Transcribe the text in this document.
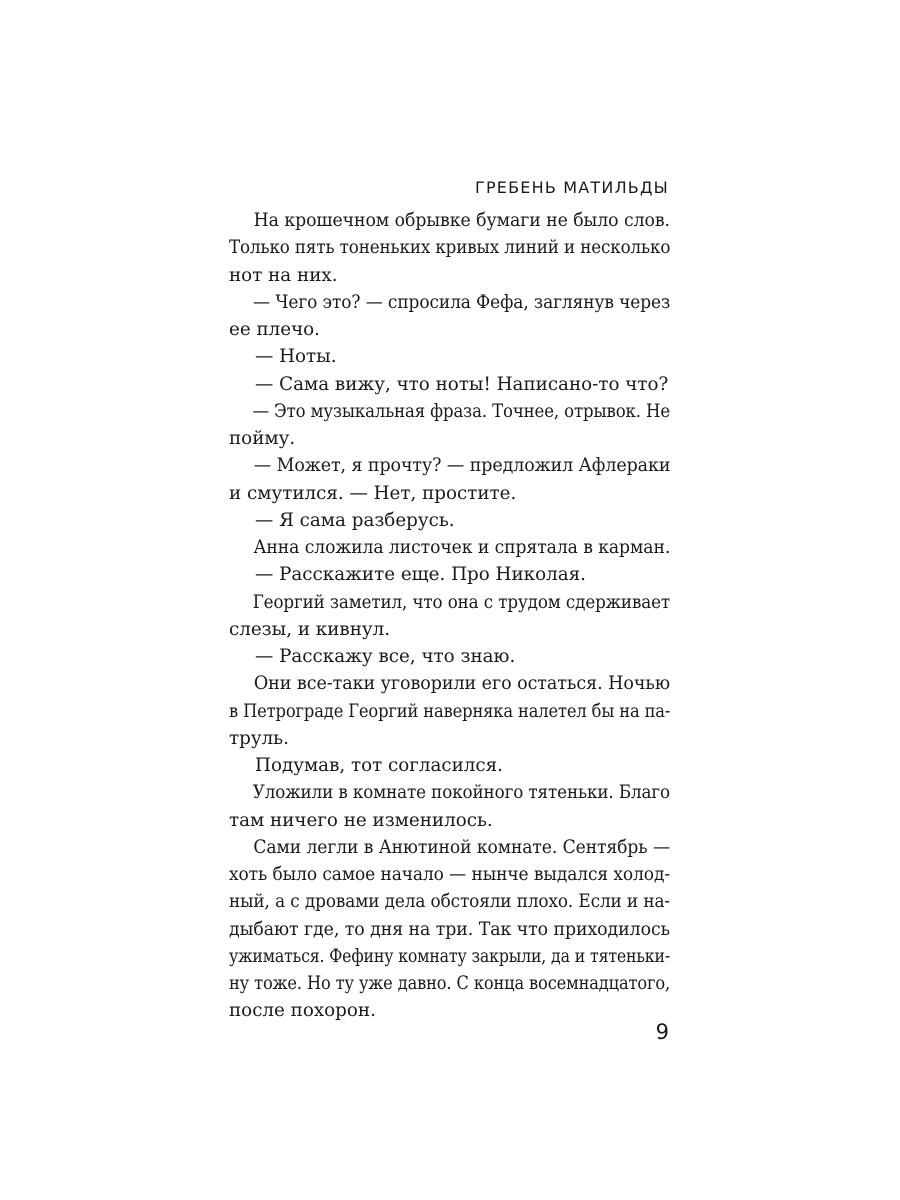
ГРЕБЕНЬ МАТИЛЬДЫ
На крошечном обрывке бумаги не было слов.
Только пять тоненьких кривых линий и несколько
нот на них.
— Чего это? — спросила Фефа, заглянув через
ее плечо.
— Ноты.
— Сама вижу, что ноты! Написано-то что?
— Это музыкальная фраза. Точнее, отрывок. Не
пойму.
— Может, я прочту? — предложил Афлераки
и смутился. — Нет, простите.
— Я сама разберусь.
Анна сложила листочек и спрятала в карман.
— Расскажите еще. Про Николая.
Георгий заметил, что она с трудом сдерживает
слезы, и кивнул.
— Расскажу все, что знаю.
Они все-таки уговорили его остаться. Ночью
в Петрограде Георгий наверняка налетел бы на па-
труль.
Подумав, тот согласился.
Уложили в комнате покойного тятеньки. Благо
там ничего не изменилось.
Сами легли в Анютиной комнате. Сентябрь —
хоть было самое начало — нынче выдался холод-
ный, а с дровами дела обстояли плохо. Если и на-
дыбают где, то дня на три. Так что приходилось
ужиматься. Фефину комнату закрыли, да и тятеньки-
ну тоже. Но ту уже давно. С конца восемнадцатого,
после похорон.
9
